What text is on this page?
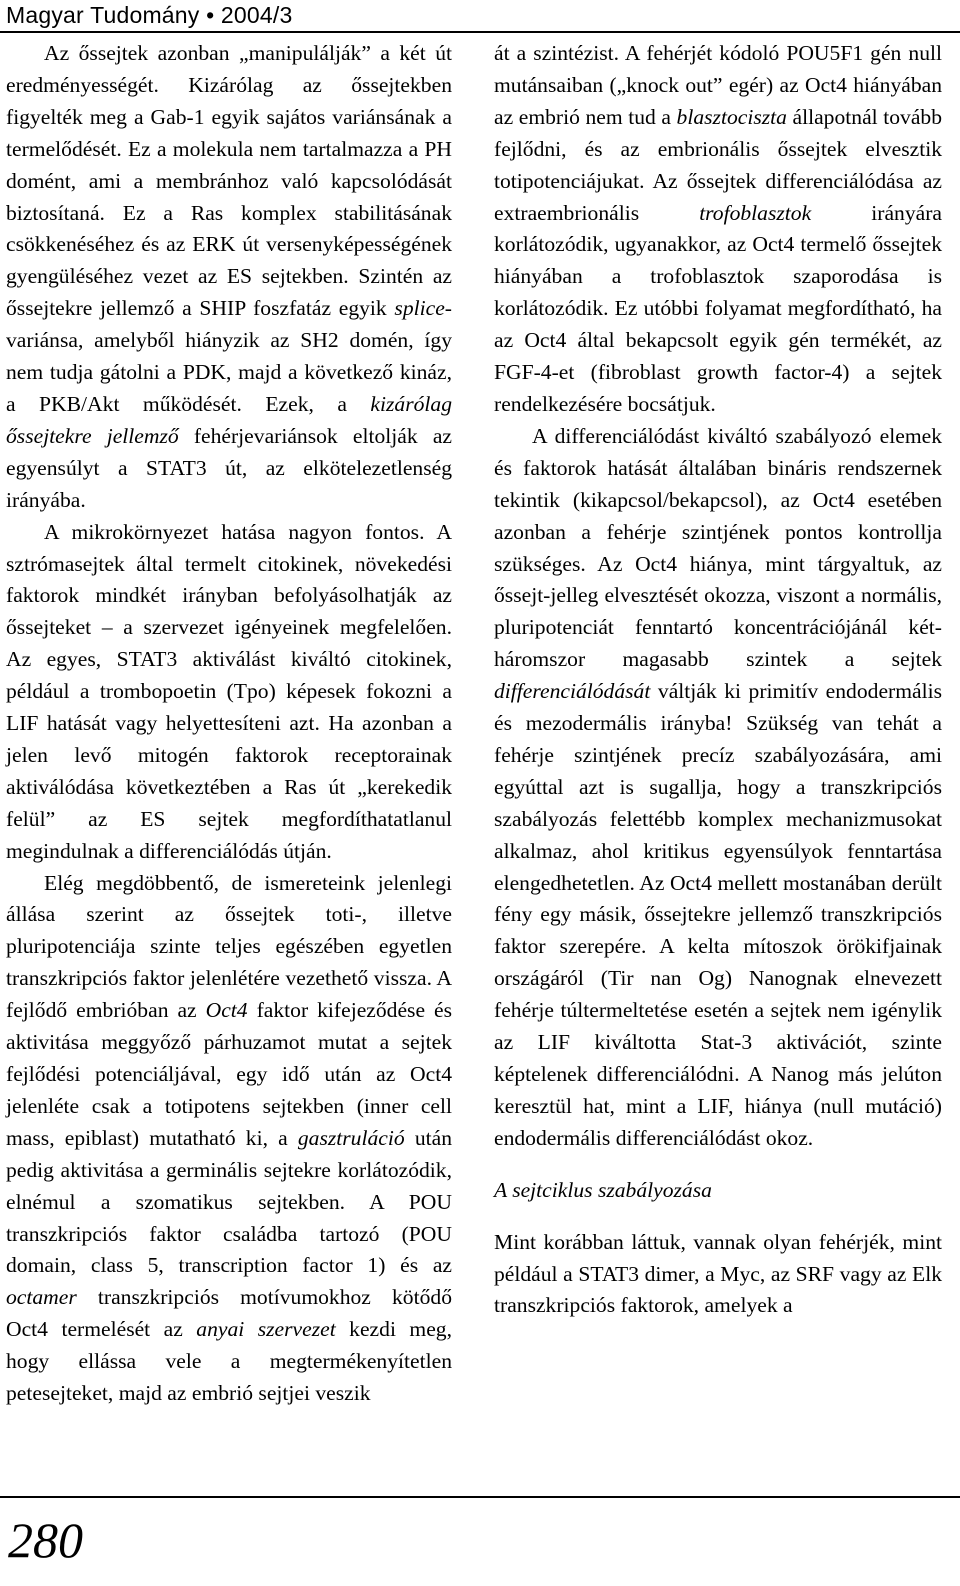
Magyar Tudomány • 2004/3

Az őssejtek azonban „manipulálják” a két út eredményességét. Kizárólag az őssejtekben figyelték meg a Gab-1 egyik sajátos variánsának a termelődését. Ez a molekula nem tartalmazza a PH domént, ami a membránhoz való kapcsolódását biztosítaná. Ez a Ras komplex stabilitásának csökkenéséhez és az ERK út versenyképességének gyengüléséhez vezet az ES sejtekben. Szintén az őssejtekre jellemző a SHIP foszfatáz egyik splice-variánsa, amelyből hiányzik az SH2 domén, így nem tudja gátolni a PDK, majd a következő kináz, a PKB/Akt működését. Ezek, a kizárólag őssejtekre jellemző fehérjevariánsok eltolják az egyensúlyt a STAT3 út, az elkötelezetlenség irányába.

A mikrokörnyezet hatása nagyon fontos. A sztrómasejtek által termelt citokinek, növekedési faktorok mindkét irányban befolyásolhatják az őssejteket – a szervezet igényeinek megfelelően. Az egyes, STAT3 aktiválást kiváltó citokinek, például a trombopoetin (Tpo) képesek fokozni a LIF hatását vagy helyettesíteni azt. Ha azonban a jelen levő mitogén faktorok receptorainak aktiválódása következtében a Ras út „kerekedik felül” az ES sejtek megfordíthatatlanul megindulnak a differenciálódás útján.

Elég megdöbbentő, de ismereteink jelenlegi állása szerint az őssejtek toti-, illetve pluripotenciája szinte teljes egészében egyetlen transzkripciós faktor jelenlétére vezethető vissza. A fejlődő embrióban az Oct4 faktor kifejeződése és aktivitása meggyőző párhuzamot mutat a sejtek fejlődési potenciáljával, egy idő után az Oct4 jelenléte csak a totipotens sejtekben (inner cell mass, epiblast) mutatható ki, a gasztruláció után pedig aktivitása a germinális sejtekre korlátozódik, elnémul a szomatikus sejtekben. A POU transzkripciós faktor családba tartozó (POU domain, class 5, transcription factor 1) és az octamer transzkripciós motívumokhoz kötődő Oct4 termelését az anyai szervezet kezdi meg, hogy ellássa vele a megtermékenyítetlen petesejteket, majd az embrió sejtjei veszik

át a szintézist. A fehérjét kódoló POU5F1 gén null mutánsaiban („knock out” egér) az Oct4 hiányában az embrió nem tud a blasztociszta állapotnál tovább fejlődni, és az embrionális őssejtek elvesztik totipotenciájukat. Az őssejtek differenciálódása az extraembrionális trofoblasztok irányára korlátozódik, ugyanakkor, az Oct4 termelő őssejtek hiányában a trofoblasztok szaporodása is korlátozódik. Ez utóbbi folyamat megfordítható, ha az Oct4 által bekapcsolt egyik gén termékét, az FGF-4-et (fibroblast growth factor-4) a sejtek rendelkezésére bocsátjuk.

A differenciálódást kiváltó szabályozó elemek és faktorok hatását általában bináris rendszernek tekintik (kikapcsol/bekapcsol), az Oct4 esetében azonban a fehérje szintjének pontos kontrollja szükséges. Az Oct4 hiánya, mint tárgyaltuk, az őssejt-jelleg elvesztését okozza, viszont a normális, pluripotenciát fenntartó koncentrációjánál két-háromszor magasabb szintek a sejtek differenciálódását váltják ki primitív endodermális és mezodermális irányba! Szükség van tehát a fehérje szintjének precíz szabályozására, ami egyúttal azt is sugallja, hogy a transzkripciós szabályozás felettébb komplex mechanizmusokat alkalmaz, ahol kritikus egyensúlyok fenntartása elengedhetetlen. Az Oct4 mellett mostanában derült fény egy másik, őssejtekre jellemző transzkripciós faktor szerepére. A kelta mítoszok örökifjainak országáról (Tir nan Og) Nanognak elnevezett fehérje túltermeltetése esetén a sejtek nem igénylik az LIF kiváltotta Stat-3 aktivációt, szinte képtelenek differenciálódni. A Nanog más jelúton keresztül hat, mint a LIF, hiánya (null mutáció) endodermális differenciálódást okoz.

A sejtciklus szabályozása

Mint korábban láttuk, vannak olyan fehérjék, mint például a STAT3 dimer, a Myc, az SRF vagy az Elk transzkripciós faktorok, amelyek a

280
